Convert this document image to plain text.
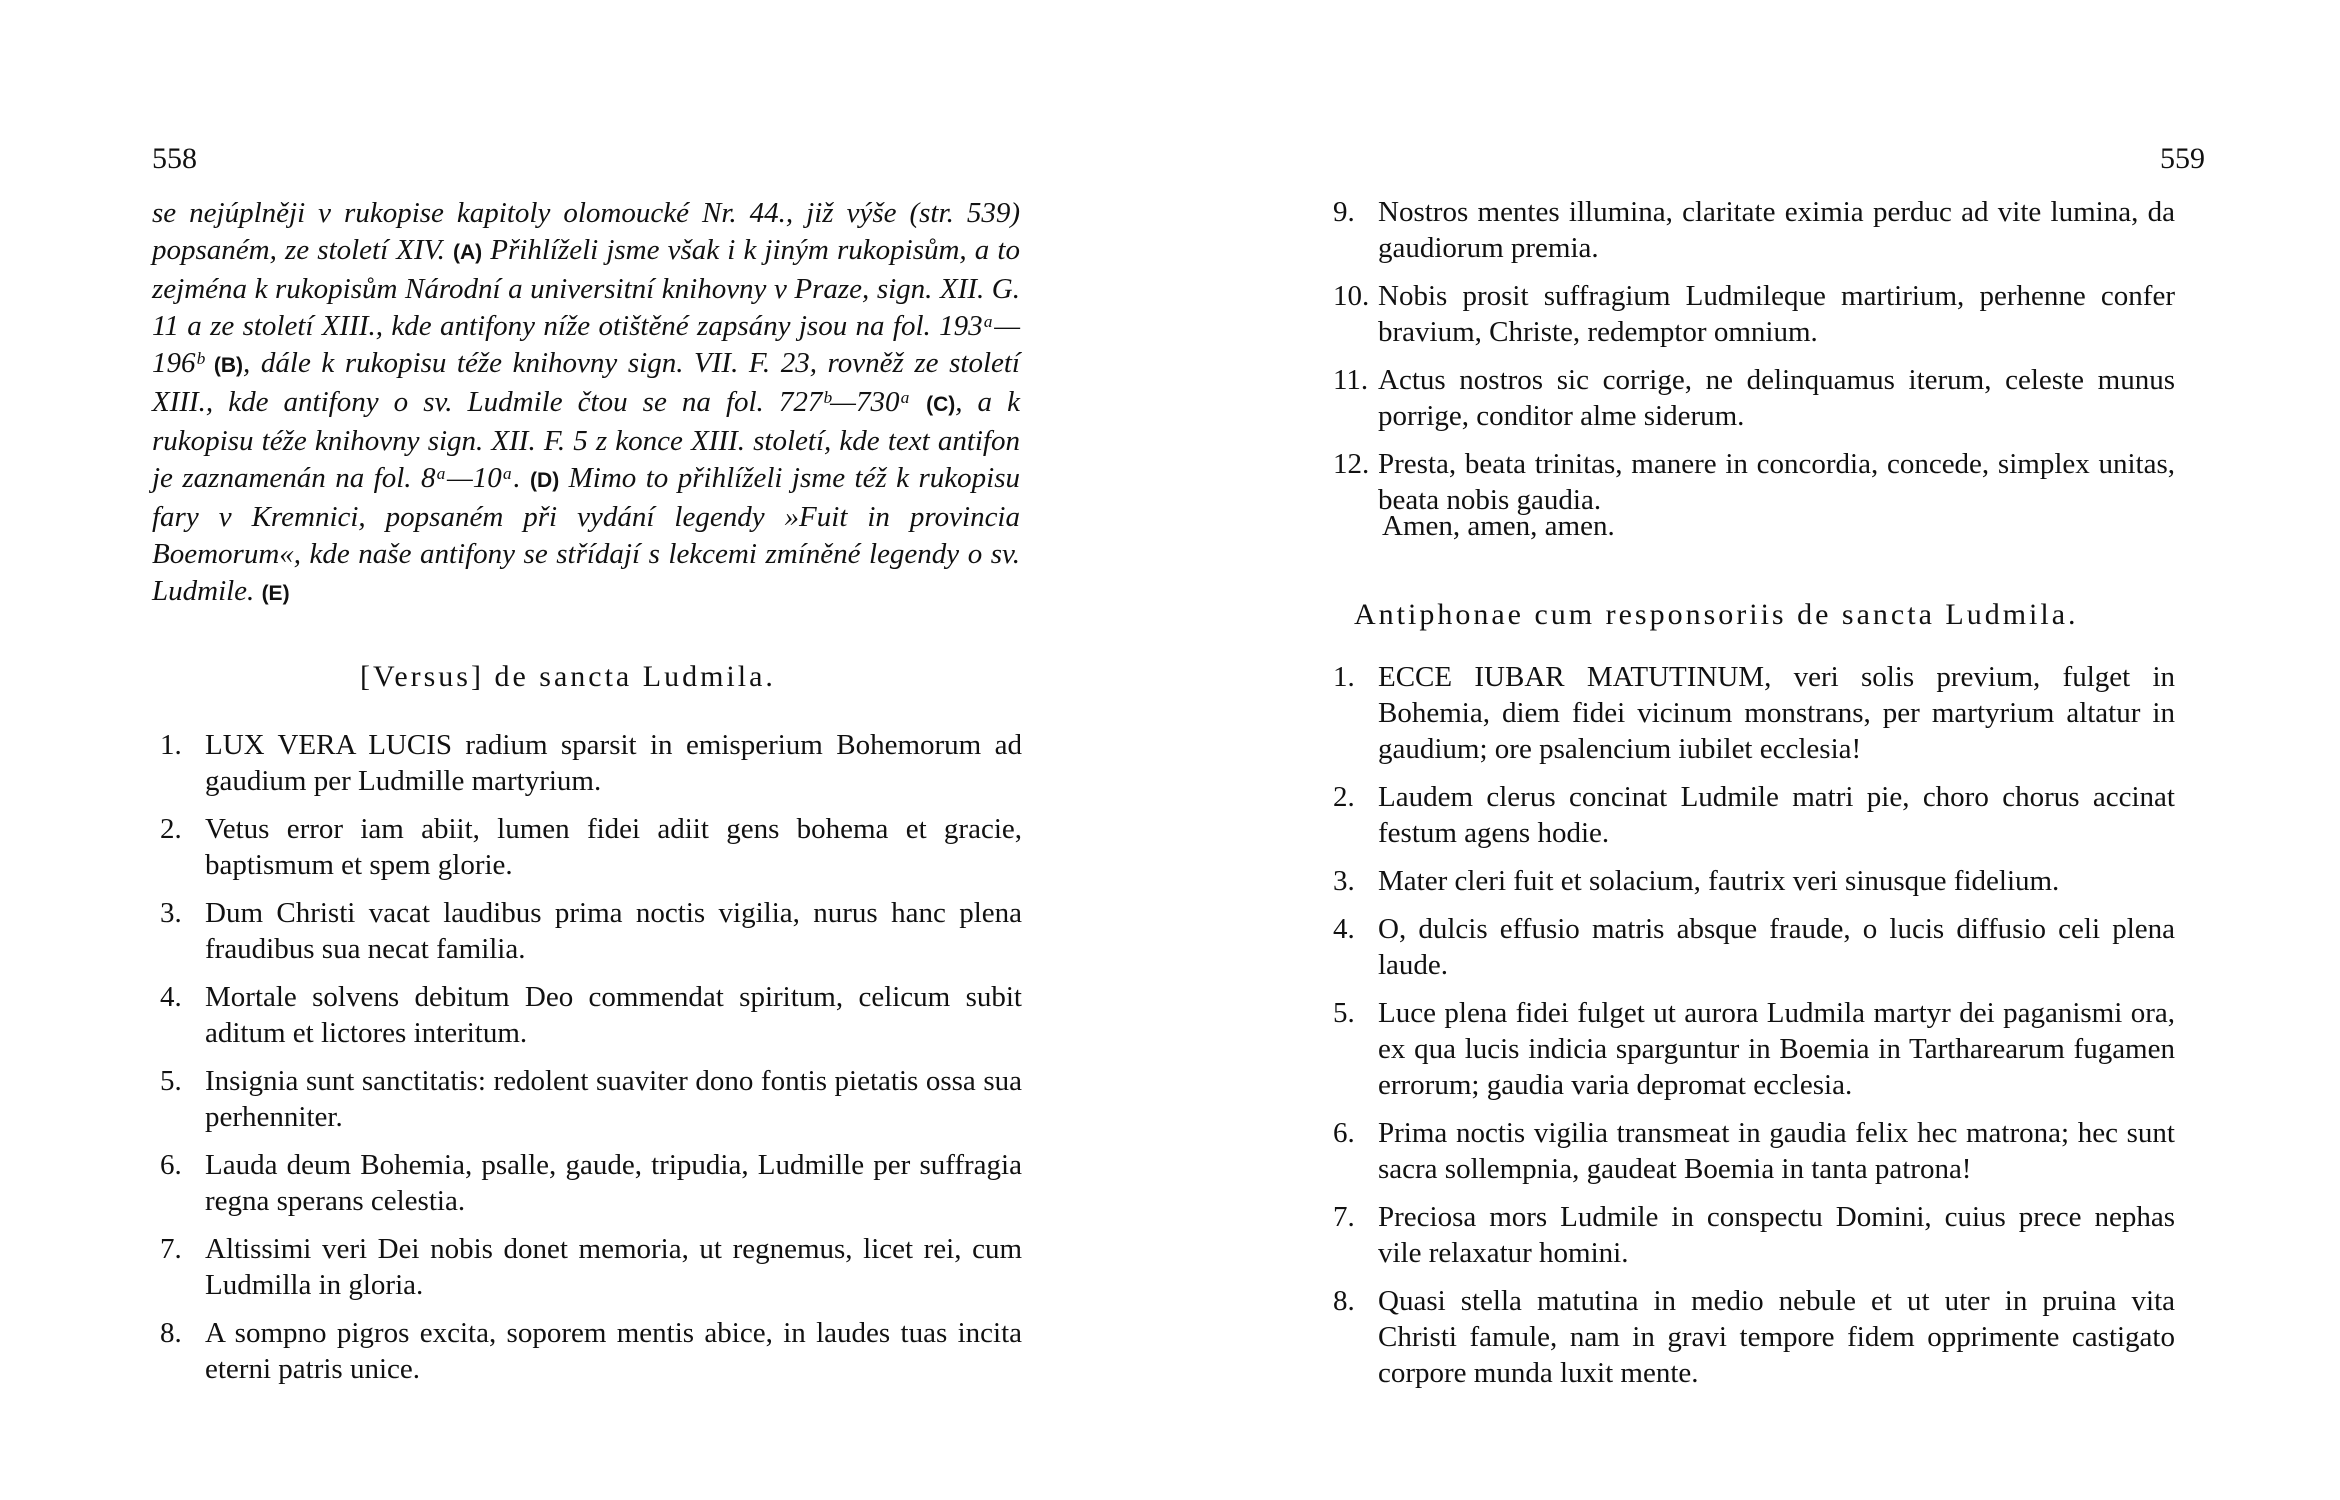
558
se nejúplněji v rukopise kapitoly olomoucké Nr. 44., již výše (str. 539) popsaném, ze století XIV. (A) Přihlíželi jsme však i k jiným rukopisům, a to zejména k rukopisům Národní a universitní knihovny v Praze, sign. XII. G. 11 a ze století XIII., kde antifony níže otištěné zapsány jsou na fol. 193ᵃ—196ᵇ (B), dále k rukopisu téže knihovny sign. VII. F. 23, rovněž ze století XIII., kde antifony o sv. Ludmile čtou se na fol. 727ᵇ—730ᵃ (C), a k rukopisu téže knihovny sign. XII. F. 5 z konce XIII. století, kde text antifon je zaznamenán na fol. 8ᵃ—10ᵃ. (D) Mimo to přihlíželi jsme též k rukopisu fary v Kremnici, popsaném při vydání legendy »Fuit in provincia Boemorum«, kde naše antifony se střídají s lekcemi zmíněné legendy o sv. Ludmile. (E)
[Versus] de sancta Ludmila.
1. LUX VERA LUCIS radium sparsit in emisperium Bohemorum ad gaudium per Ludmille martyrium.
2. Vetus error iam abiit, lumen fidei adiit gens bohema et gracie, baptismum et spem glorie.
3. Dum Christi vacat laudibus prima noctis vigilia, nurus hanc plena fraudibus sua necat familia.
4. Mortale solvens debitum Deo commendat spiritum, celicum subit aditum et lictores interitum.
5. Insignia sunt sanctitatis: redolent suaviter dono fontis pietatis ossa sua perhenniter.
6. Lauda deum Bohemia, psalle, gaude, tripudia, Ludmille per suffragia regna sperans celestia.
7. Altissimi veri Dei nobis donet memoria, ut regnemus, licet rei, cum Ludmilla in gloria.
8. A sompno pigros excita, soporem mentis abice, in laudes tuas incita eterni patris unice.
559
9. Nostros mentes illumina, claritate eximia perduc ad vite lumina, da gaudiorum premia.
10. Nobis prosit suffragium Ludmileque martirium, perhenne confer bravium, Christe, redemptor omnium.
11. Actus nostros sic corrige, ne delinquamus iterum, celeste munus porrige, conditor alme siderum.
12. Presta, beata trinitas, manere in concordia, concede, simplex unitas, beata nobis gaudia.
Antiphonae cum responsoriis de sancta Ludmila.
1. ECCE IUBAR MATUTINUM, veri solis previum, fulget in Bohemia, diem fidei vicinum monstrans, per martyrium altatur in gaudium; ore psalencium iubilet ecclesia!
2. Laudem clerus concinat Ludmile matri pie, choro chorus accinat festum agens hodie.
3. Mater cleri fuit et solacium, fautrix veri sinusque fidelium.
4. O, dulcis effusio matris absque fraude, o lucis diffusio celi plena laude.
5. Luce plena fidei fulget ut aurora Ludmila martyr dei paganismi ora, ex qua lucis indicia sparguntur in Boemia in Tartharearum fugamen errorum; gaudia varia depromat ecclesia.
6. Prima noctis vigilia transmeat in gaudia felix hec matrona; hec sunt sacra sollempnia, gaudeat Boemia in tanta patrona!
7. Preciosa mors Ludmile in conspectu Domini, cuius prece nephas vile relaxatur homini.
8. Quasi stella matutina in medio nebule et ut uter in pruina vita Christi famule, nam in gravi tempore fidem opprimente castigato corpore munda luxit mente.
Amen, amen, amen.
